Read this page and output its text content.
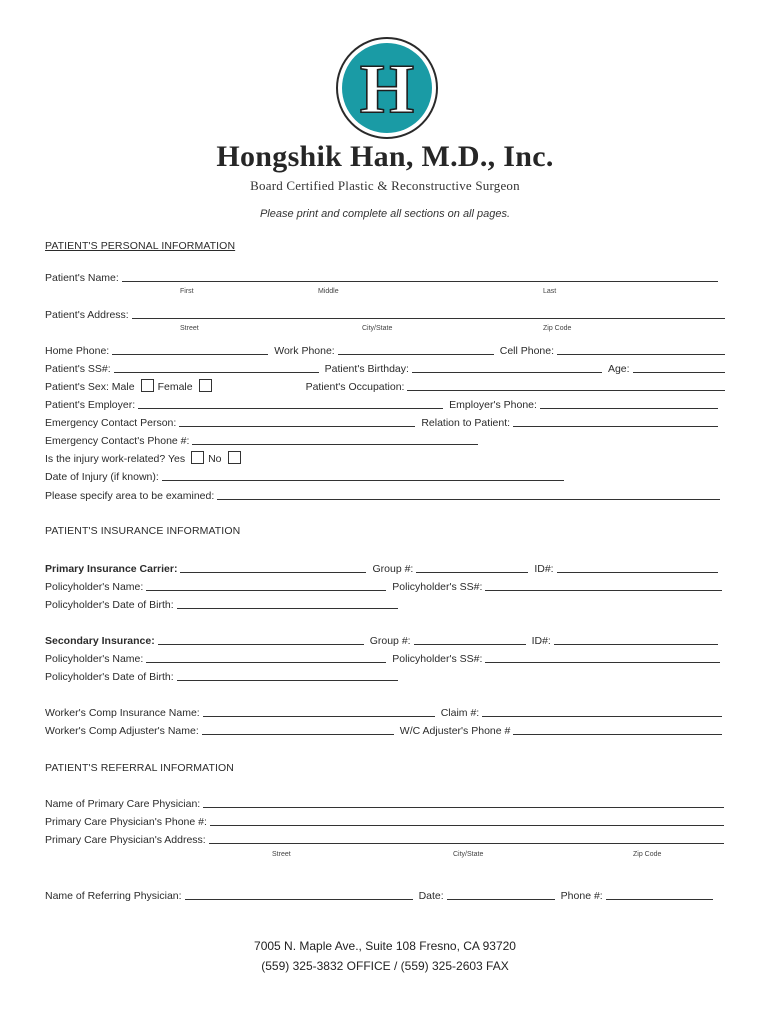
H
Hongshik Han, M.D., Inc.
Board Certified Plastic & Reconstructive Surgeon
Please print and complete all sections on all pages.
PATIENT'S PERSONAL INFORMATION
Patient's Name:
First	Middle	Last
Patient's Address:
Street	City/State	Zip Code
Home Phone:	Work Phone:	Cell Phone:
Patient's SS#:	Patient's Birthday:	Age:
Patient's Sex: Male Female	Patient's Occupation:
Patient's Employer:	Employer's Phone:
Emergency Contact Person:	Relation to Patient:
Emergency Contact's Phone #:
Is the injury work-related? Yes No
Date of Injury (if known):
Please specify area to be examined:
PATIENT'S INSURANCE INFORMATION
Primary Insurance Carrier:	Group #:	ID#:
Policyholder's Name:	Policyholder's SS#:
Policyholder's Date of Birth:
Secondary Insurance:	Group #:	ID#:
Policyholder's Name:	Policyholder's SS#:
Policyholder's Date of Birth:
Worker's Comp Insurance Name:	Claim #:
Worker's Comp Adjuster's Name:	W/C Adjuster's Phone #
PATIENT'S REFERRAL INFORMATION
Name of Primary Care Physician:
Primary Care Physician's Phone #:
Primary Care Physician's Address:
Street	City/State	Zip Code
Name of Referring Physician:	Date:	Phone #:
7005 N. Maple Ave., Suite 108 Fresno, CA 93720
(559) 325-3832 OFFICE / (559) 325-2603 FAX
